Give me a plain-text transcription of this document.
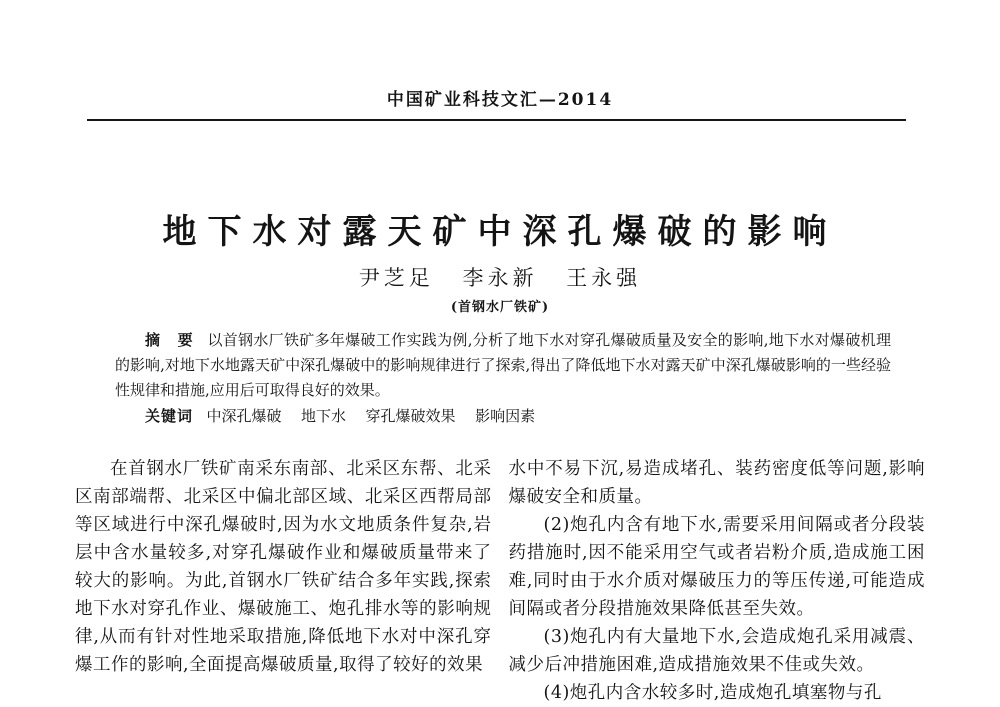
中国矿业科技文汇—2014
地下水对露天矿中深孔爆破的影响
尹芝足 李永新 王永强
(首钢水厂铁矿)

摘　要 以首钢水厂铁矿多年爆破工作实践为例,分析了地下水对穿孔爆破质量及安全的影响,地下水对爆破机理的影响,对地下水地露天矿中深孔爆破中的影响规律进行了探索,得出了降低地下水对露天矿中深孔爆破影响的一些经验性规律和措施,应用后可取得良好的效果。

关键词 中深孔爆破 地下水 穿孔爆破效果 影响因素

在首钢水厂铁矿南采东南部、北采区东帮、北采区南部端帮、北采区中偏北部区域、北采区西帮局部等区域进行中深孔爆破时,因为水文地质条件复杂,岩层中含水量较多,对穿孔爆破作业和爆破质量带来了较大的影响。为此,首钢水厂铁矿结合多年实践,探索地下水对穿孔作业、爆破施工、炮孔排水等的影响规律,从而有针对性地采取措施,降低地下水对中深孔穿爆工作的影响,全面提高爆破质量,取得了较好的效果

水中不易下沉,易造成堵孔、装药密度低等问题,影响爆破安全和质量。

(2)炮孔内含有地下水,需要采用间隔或者分段装药措施时,因不能采用空气或者岩粉介质,造成施工困难,同时由于水介质对爆破压力的等压传递,可能造成间隔或者分段措施效果降低甚至失效。

(3)炮孔内有大量地下水,会造成炮孔采用减震、减少后冲措施困难,造成措施效果不佳或失效。

(4)炮孔内含水较多时,造成炮孔填塞物与孔
